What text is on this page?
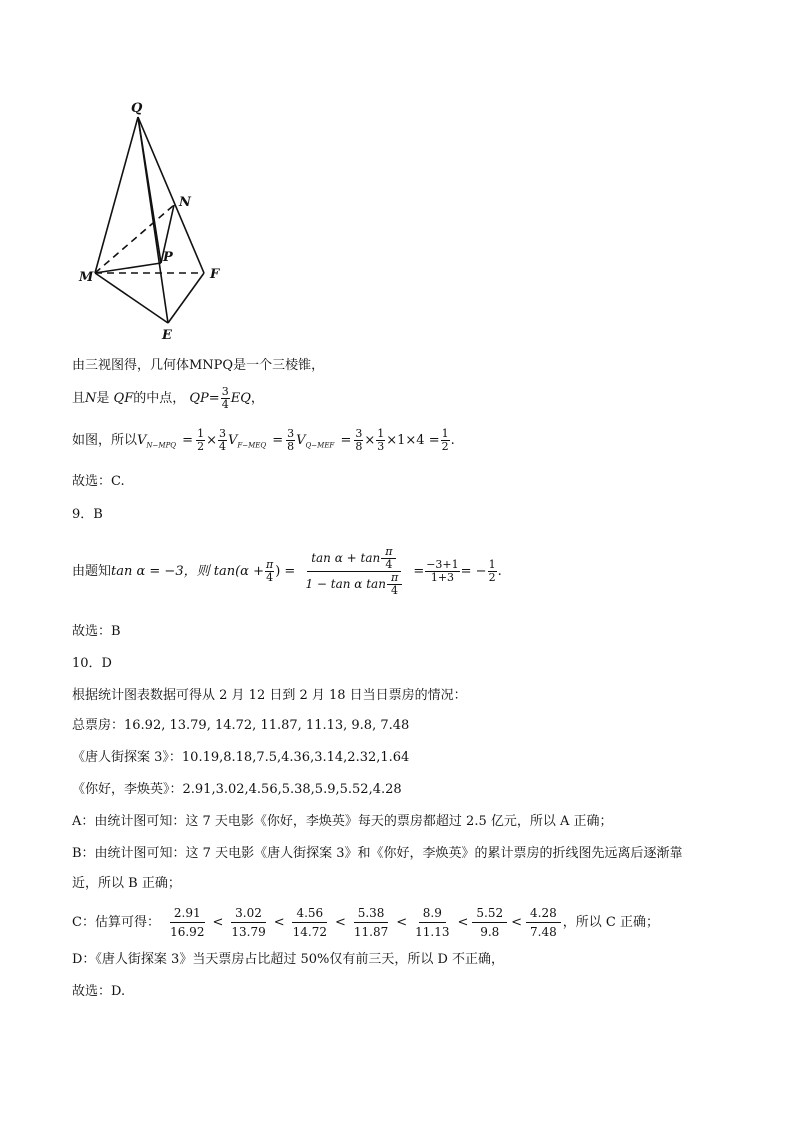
Q
N
P
M	F
E
由三视图得，几何体MNPQ是一个三棱锥，
且N是 QF的中点， $QP= \frac{3}{4}$ EQ，
如图，所以$V_{N-MPQ} = \frac{1}{2} \times \frac{3}{4} V_{F-MEQ} = \frac{3}{8} V_{Q-MEF} = \frac{3}{8} \times \frac{1}{3} \times 1\times 4 = \frac{1}{2}$ .
故选：C.
9．B
由题知tan α = −3，则 $\tan(\alpha + \frac{\pi}{4}$ ) = $\frac{\tan \alpha + \tan \frac{\pi}{4}}{1 - \tan \alpha \tan \frac{\pi}{4}} = \frac{-3+1}{1+3}$ = − $\frac{1}{2}$ .
故选：B
10．D
根据统计图表数据可得从 2 月 12 日到 2 月 18 日当日票房的情况：
总票房：16.92, 13.79, 14.72, 11.87, 11.13, 9.8, 7.48
《唐人街探案 3》：10.19,8.18,7.5,4.36,3.14,2.32,1.64
《你好，李焕英》：2.91,3.02,4.56,5.38,5.9,5.52,4.28
A：由统计图可知：这 7 天电影《你好，李焕英》每天的票房都超过 2.5 亿元，所以 A 正确；
B：由统计图可知：这 7 天电影《唐人街探案 3》和《你好，李焕英》的累计票房的折线图先远离后逐渐靠
近，所以 B 正确；
C：估算可得： $\frac{2.91}{16.92} < \frac{3.02}{13.79} < \frac{4.56}{14.72} < \frac{5.38}{11.87} < \frac{8.9}{11.13} < \frac{5.52}{9.8} < \frac{4.28}{7.48}$ ，所以 C 正确；
D：《唐人街探案 3》当天票房占比超过 50%仅有前三天，所以 D 不正确，
故选：D.
